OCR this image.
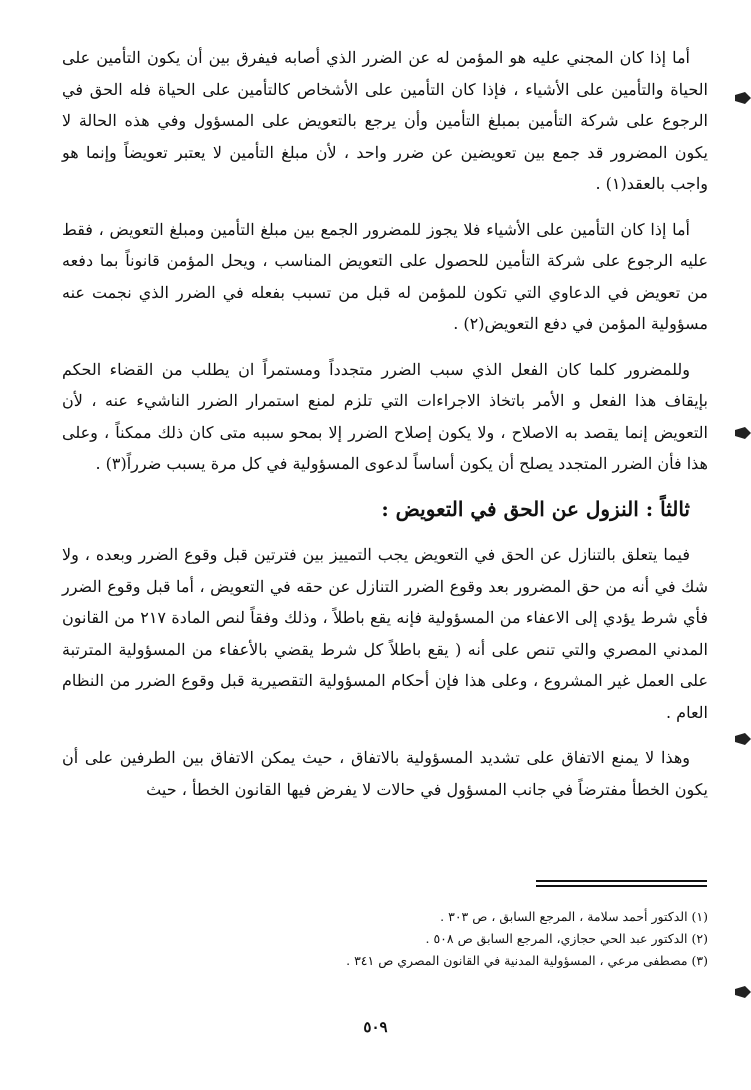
أما إذا كان المجني عليه هو المؤمن له عن الضرر الذي أصابه فيفرق بين أن يكون التأمين على الحياة والتأمين على الأشياء ، فإذا كان التأمين على الأشخاص كالتأمين على الحياة فله الحق في الرجوع على شركة التأمين بمبلغ التأمين وأن يرجع بالتعويض على المسؤول وفي هذه الحالة لا يكون المضرور قد جمع بين تعويضين عن ضرر واحد ، لأن مبلغ التأمين لا يعتبر تعويضاً وإنما هو واجب بالعقد(١) .

أما إذا كان التأمين على الأشياء فلا يجوز للمضرور الجمع بين مبلغ التأمين ومبلغ التعويض ، فقط عليه الرجوع على شركة التأمين للحصول على التعويض المناسب ، ويحل المؤمن قانوناً بما دفعه من تعويض في الدعاوي التي تكون للمؤمن له قبل من تسبب بفعله في الضرر الذي نجمت عنه مسؤولية المؤمن في دفع التعويض(٢) .

وللمضرور كلما كان الفعل الذي سبب الضرر متجدداً ومستمراً ان يطلب من القضاء الحكم بإيقاف هذا الفعل و الأمر باتخاذ الاجراءات التي تلزم لمنع استمرار الضرر الناشيء عنه ، لأن التعويض إنما يقصد به الاصلاح ، ولا يكون إصلاح الضرر إلا بمحو سببه متى كان ذلك ممكناً ، وعلى هذا فأن الضرر المتجدد يصلح أن يكون أساساً لدعوى المسؤولية في كل مرة يسبب ضرراً(٣) .

ثالثاً : النزول عن الحق في التعويض :

فيما يتعلق بالتنازل عن الحق في التعويض يجب التمييز بين فترتين قبل وقوع الضرر وبعده ، ولا شك في أنه من حق المضرور بعد وقوع الضرر التنازل عن حقه في التعويض ، أما قبل وقوع الضرر فأي شرط يؤدي إلى الاعفاء من المسؤولية فإنه يقع باطلاً ، وذلك وفقاً لنص المادة ٢١٧ من القانون المدني المصري والتي تنص على أنه ( يقع باطلاً كل شرط يقضي بالأعفاء من المسؤولية المترتبة على العمل غير المشروع ، وعلى هذا فإن أحكام المسؤولية التقصيرية قبل وقوع الضرر من النظام العام .

وهذا لا يمنع الاتفاق على تشديد المسؤولية بالاتفاق ، حيث يمكن الاتفاق بين الطرفين على أن يكون الخطأ مفترضاً في جانب المسؤول في حالات لا يفرض فيها القانون الخطأ ، حيث

(١) الدكتور أحمد سلامة ، المرجع السابق ، ص ٣٠٣ .
(٢) الدكتور عبد الحي حجازي، المرجع السابق ص ٥٠٨ .
(٣) مصطفى مرعي ، المسؤولية المدنية في القانون المصري ص ٣٤١ .
٥٠٩
